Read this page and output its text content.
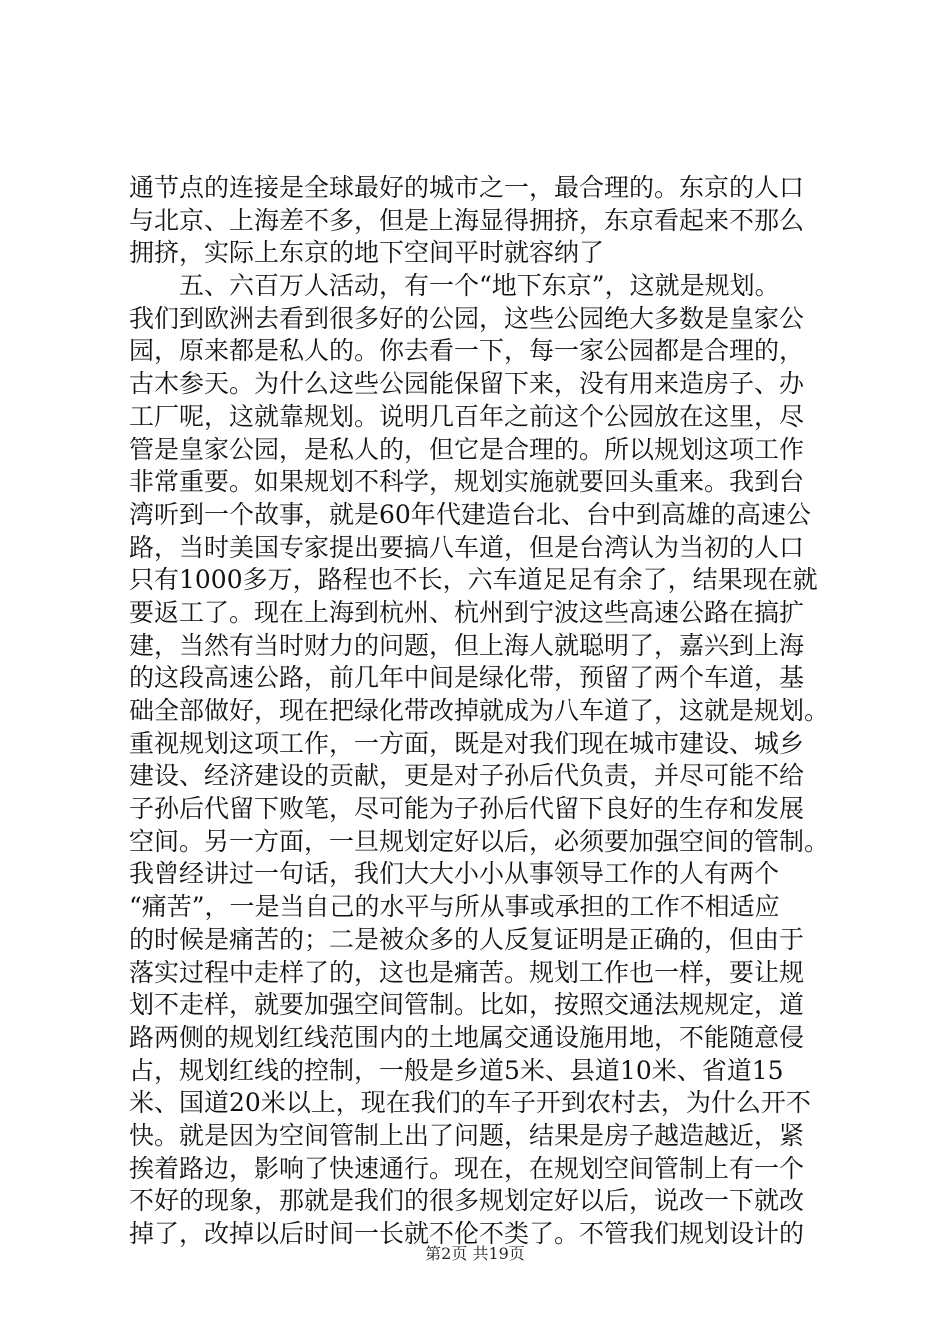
通节点的连接是全球最好的城市之一，最合理的。东京的人口
与北京、上海差不多，但是上海显得拥挤，东京看起来不那么
拥挤，实际上东京的地下空间平时就容纳了
五、六百万人活动，有一个“地下东京”，这就是规划。
我们到欧洲去看到很多好的公园，这些公园绝大多数是皇家公
园，原来都是私人的。你去看一下，每一家公园都是合理的，
古木参天。为什么这些公园能保留下来，没有用来造房子、办
工厂呢，这就靠规划。说明几百年之前这个公园放在这里，尽
管是皇家公园，是私人的，但它是合理的。所以规划这项工作
非常重要。如果规划不科学，规划实施就要回头重来。我到台
湾听到一个故事，就是60年代建造台北、台中到高雄的高速公
路，当时美国专家提出要搞八车道，但是台湾认为当初的人口
只有1000多万，路程也不长，六车道足足有余了，结果现在就
要返工了。现在上海到杭州、杭州到宁波这些高速公路在搞扩
建，当然有当时财力的问题，但上海人就聪明了，嘉兴到上海
的这段高速公路，前几年中间是绿化带，预留了两个车道，基
础全部做好，现在把绿化带改掉就成为八车道了，这就是规划。
重视规划这项工作，一方面，既是对我们现在城市建设、城乡
建设、经济建设的贡献，更是对子孙后代负责，并尽可能不给
子孙后代留下败笔，尽可能为子孙后代留下良好的生存和发展
空间。另一方面，一旦规划定好以后，必须要加强空间的管制。
我曾经讲过一句话，我们大大小小从事领导工作的人有两个
“痛苦”，一是当自己的水平与所从事或承担的工作不相适应
的时候是痛苦的；二是被众多的人反复证明是正确的，但由于
落实过程中走样了的，这也是痛苦。规划工作也一样，要让规
划不走样，就要加强空间管制。比如，按照交通法规规定，道
路两侧的规划红线范围内的土地属交通设施用地，不能随意侵
占，规划红线的控制，一般是乡道5米、县道10米、省道15
米、国道20米以上，现在我们的车子开到农村去，为什么开不
快。就是因为空间管制上出了问题，结果是房子越造越近，紧
挨着路边，影响了快速通行。现在，在规划空间管制上有一个
不好的现象，那就是我们的很多规划定好以后，说改一下就改
掉了，改掉以后时间一长就不伦不类了。不管我们规划设计的
第2页 共19页
